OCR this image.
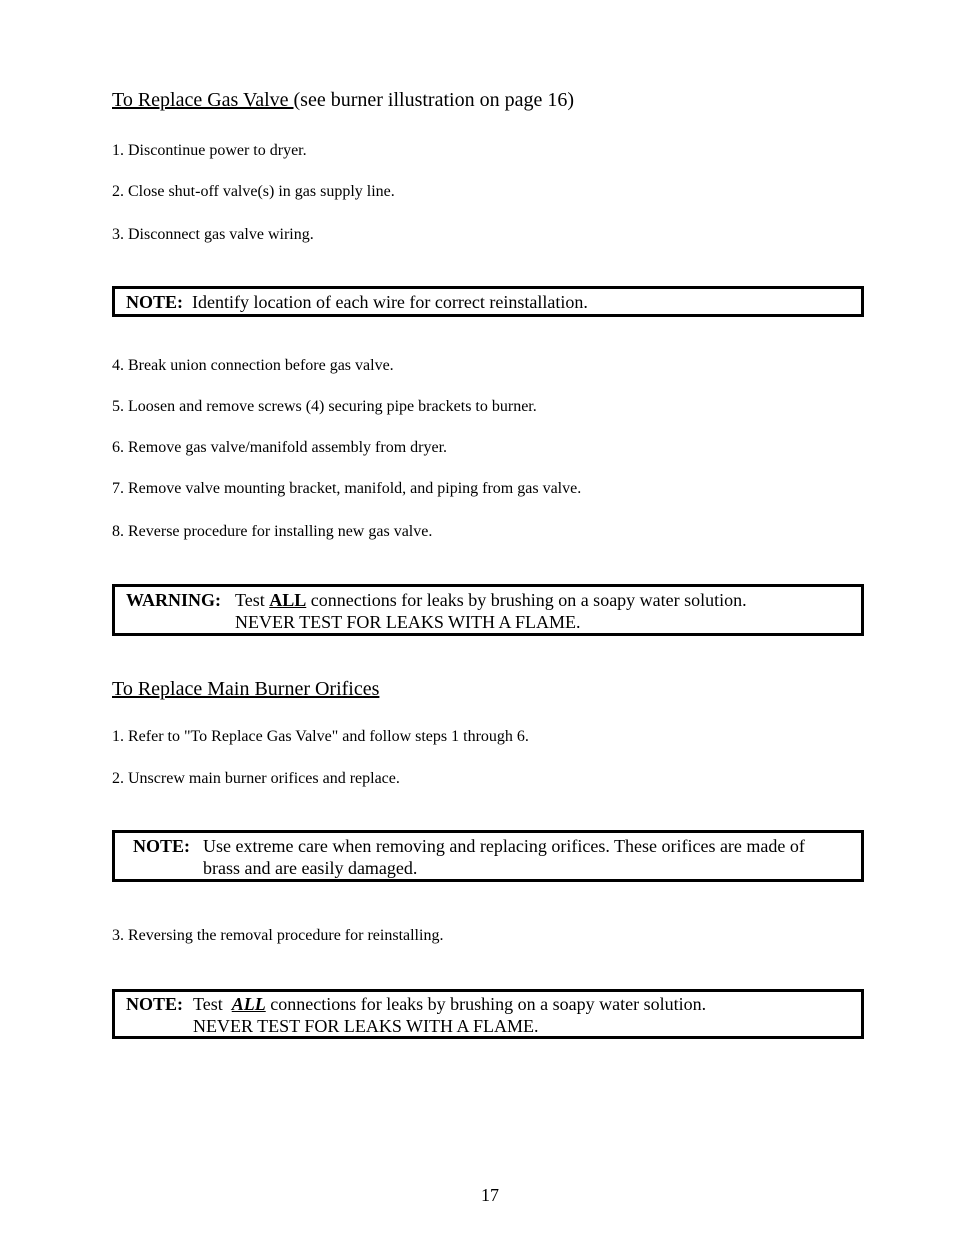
To Replace Gas Valve (see burner illustration on page 16)
1. Discontinue power to dryer.
2. Close shut-off valve(s) in gas supply line.
3. Disconnect gas valve wiring.
NOTE: Identify location of each wire for correct reinstallation.
4. Break union connection before gas valve.
5. Loosen and remove screws (4) securing pipe brackets to burner.
6. Remove gas valve/manifold assembly from dryer.
7. Remove valve mounting bracket, manifold, and piping from gas valve.
8. Reverse procedure for installing new gas valve.
WARNING: Test ALL connections for leaks by brushing on a soapy water solution.
NEVER TEST FOR LEAKS WITH A FLAME.
To Replace Main Burner Orifices
1. Refer to "To Replace Gas Valve" and follow steps 1 through 6.
2. Unscrew main burner orifices and replace.
NOTE: Use extreme care when removing and replacing orifices. These orifices are made of
brass and are easily damaged.
3. Reversing the removal procedure for reinstalling.
NOTE: Test  ALL connections for leaks by brushing on a soapy water solution.
NEVER TEST FOR LEAKS WITH A FLAME.
17
